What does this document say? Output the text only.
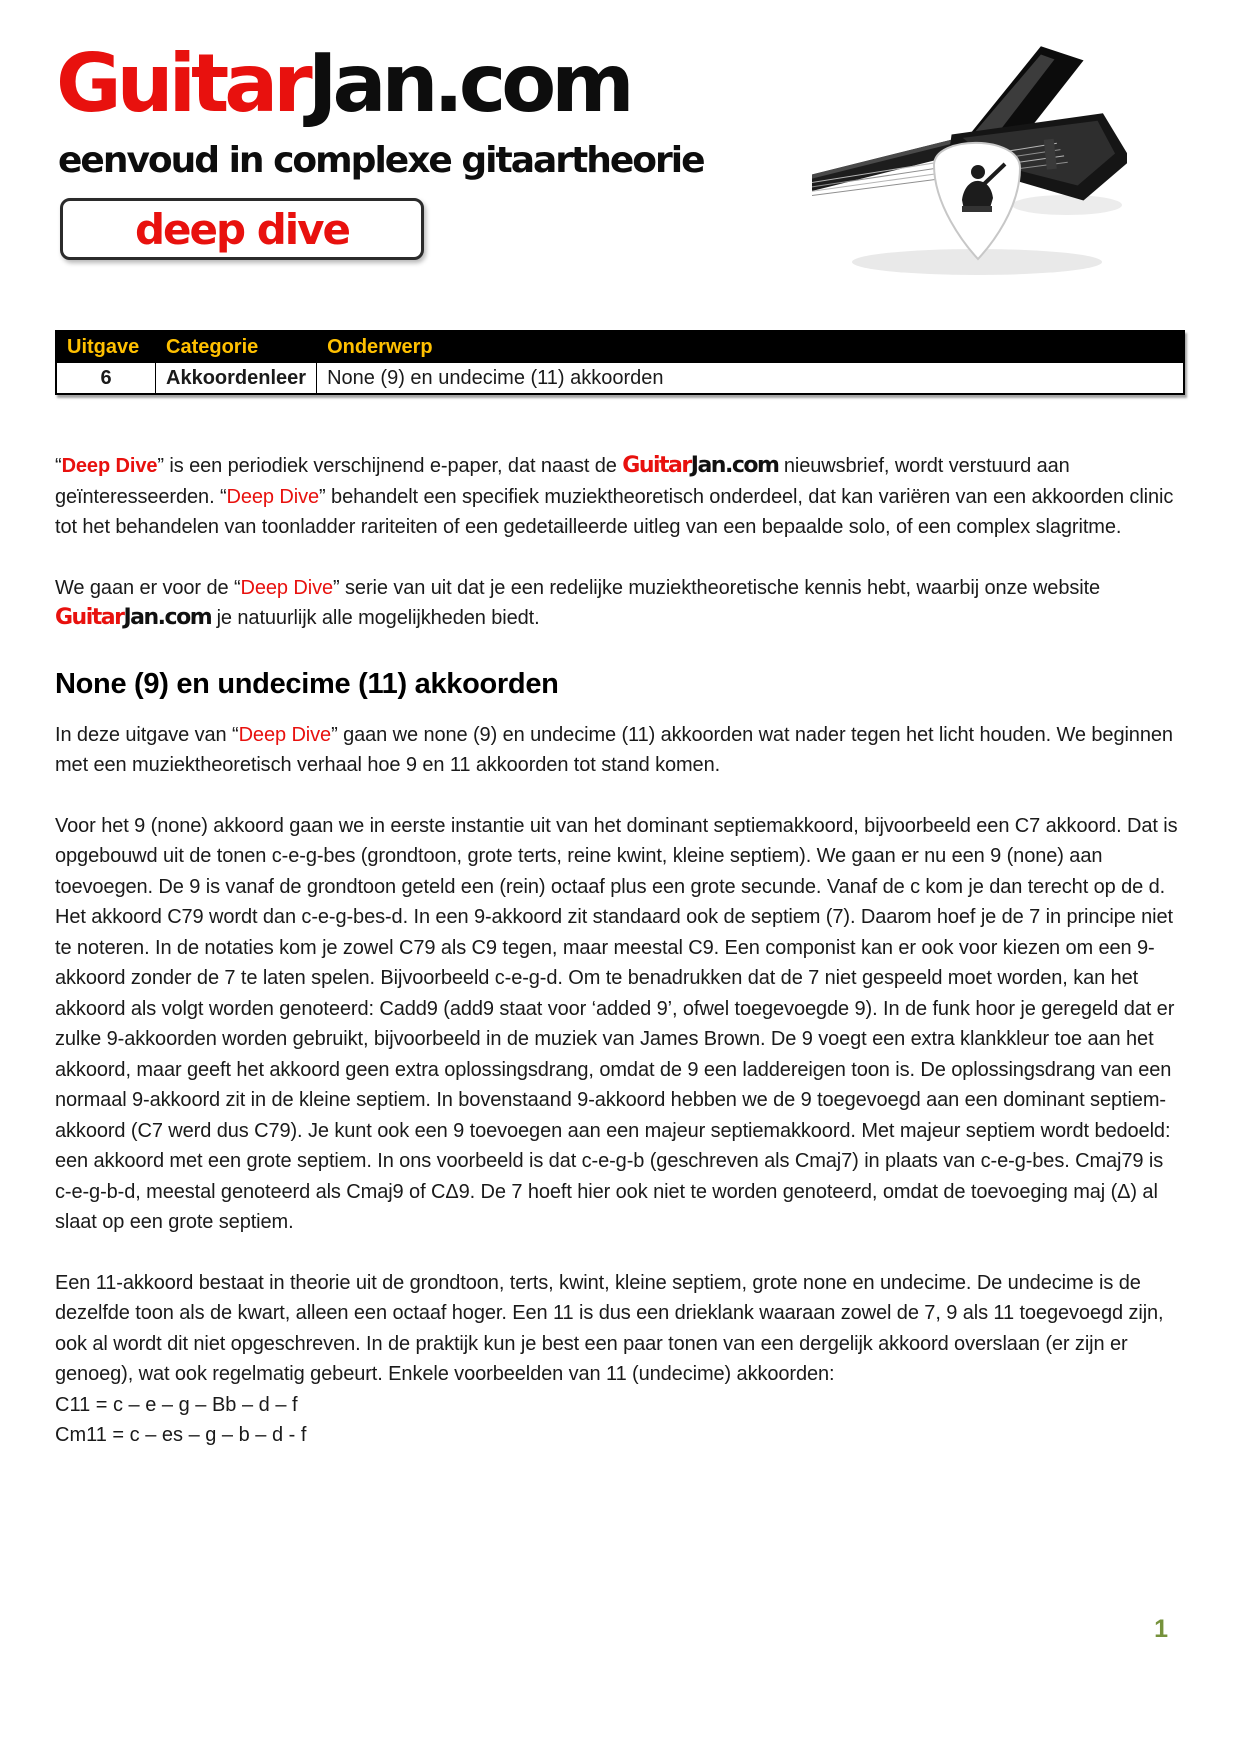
GuitarJan.com
eenvoud in complexe gitaartheorie
deep dive
Uitgave	Categorie	Onderwerp
6	Akkoordenleer	None (9) en undecime (11) akkoorden

“Deep Dive” is een periodiek verschijnend e-paper, dat naast de GuitarJan.com nieuwsbrief, wordt verstuurd aan geïnteresseerden. “Deep Dive” behandelt een specifiek muziektheoretisch onderdeel, dat kan variëren van een akkoorden clinic tot het behandelen van toonladder rariteiten of een gedetailleerde uitleg van een bepaalde solo, of een complex slagritme.

We gaan er voor de “Deep Dive” serie van uit dat je een redelijke muziektheoretische kennis hebt, waarbij onze website GuitarJan.com je natuurlijk alle mogelijkheden biedt.

None (9) en undecime (11) akkoorden

In deze uitgave van “Deep Dive” gaan we none (9) en undecime (11) akkoorden wat nader tegen het licht houden. We beginnen met een muziektheoretisch verhaal hoe 9 en 11 akkoorden tot stand komen.

Voor het 9 (none) akkoord gaan we in eerste instantie uit van het dominant septiemakkoord, bijvoorbeeld een C7 akkoord. Dat is opgebouwd uit de tonen c-e-g-bes (grondtoon, grote terts, reine kwint, kleine septiem). We gaan er nu een 9 (none) aan toevoegen. De 9 is vanaf de grondtoon geteld een (rein) octaaf plus een grote secunde. Vanaf de c kom je dan terecht op de d. Het akkoord C79 wordt dan c-e-g-bes-d. In een 9-akkoord zit standaard ook de septiem (7). Daarom hoef je de 7 in principe niet te noteren. In de notaties kom je zowel C79 als C9 tegen, maar meestal C9. Een componist kan er ook voor kiezen om een 9-akkoord zonder de 7 te laten spelen. Bijvoorbeeld c-e-g-d. Om te benadrukken dat de 7 niet gespeeld moet worden, kan het akkoord als volgt worden genoteerd: Cadd9 (add9 staat voor ‘added 9’, ofwel toegevoegde 9). In de funk hoor je geregeld dat er zulke 9-akkoorden worden gebruikt, bijvoorbeeld in de muziek van James Brown. De 9 voegt een extra klankkleur toe aan het akkoord, maar geeft het akkoord geen extra oplossingsdrang, omdat de 9 een laddereigen toon is. De oplossingsdrang van een normaal 9-akkoord zit in de kleine septiem. In bovenstaand 9-akkoord hebben we de 9 toegevoegd aan een dominant septiem-akkoord (C7 werd dus C79). Je kunt ook een 9 toevoegen aan een majeur septiemakkoord. Met majeur septiem wordt bedoeld: een akkoord met een grote septiem. In ons voorbeeld is dat c-e-g-b (geschreven als Cmaj7) in plaats van c-e-g-bes. Cmaj79 is c-e-g-b-d, meestal genoteerd als Cmaj9 of CΔ9. De 7 hoeft hier ook niet te worden genoteerd, omdat de toevoeging maj (Δ) al slaat op een grote septiem.

Een 11-akkoord bestaat in theorie uit de grondtoon, terts, kwint, kleine septiem, grote none en undecime. De undecime is de dezelfde toon als de kwart, alleen een octaaf hoger. Een 11 is dus een drieklank waaraan zowel de 7, 9 als 11 toegevoegd zijn, ook al wordt dit niet opgeschreven. In de praktijk kun je best een paar tonen van een dergelijk akkoord overslaan (er zijn er genoeg), wat ook regelmatig gebeurt. Enkele voorbeelden van 11 (undecime) akkoorden:

C11 = c – e – g – Bb – d – f
Cm11 = c – es – g – b – d - f
1
